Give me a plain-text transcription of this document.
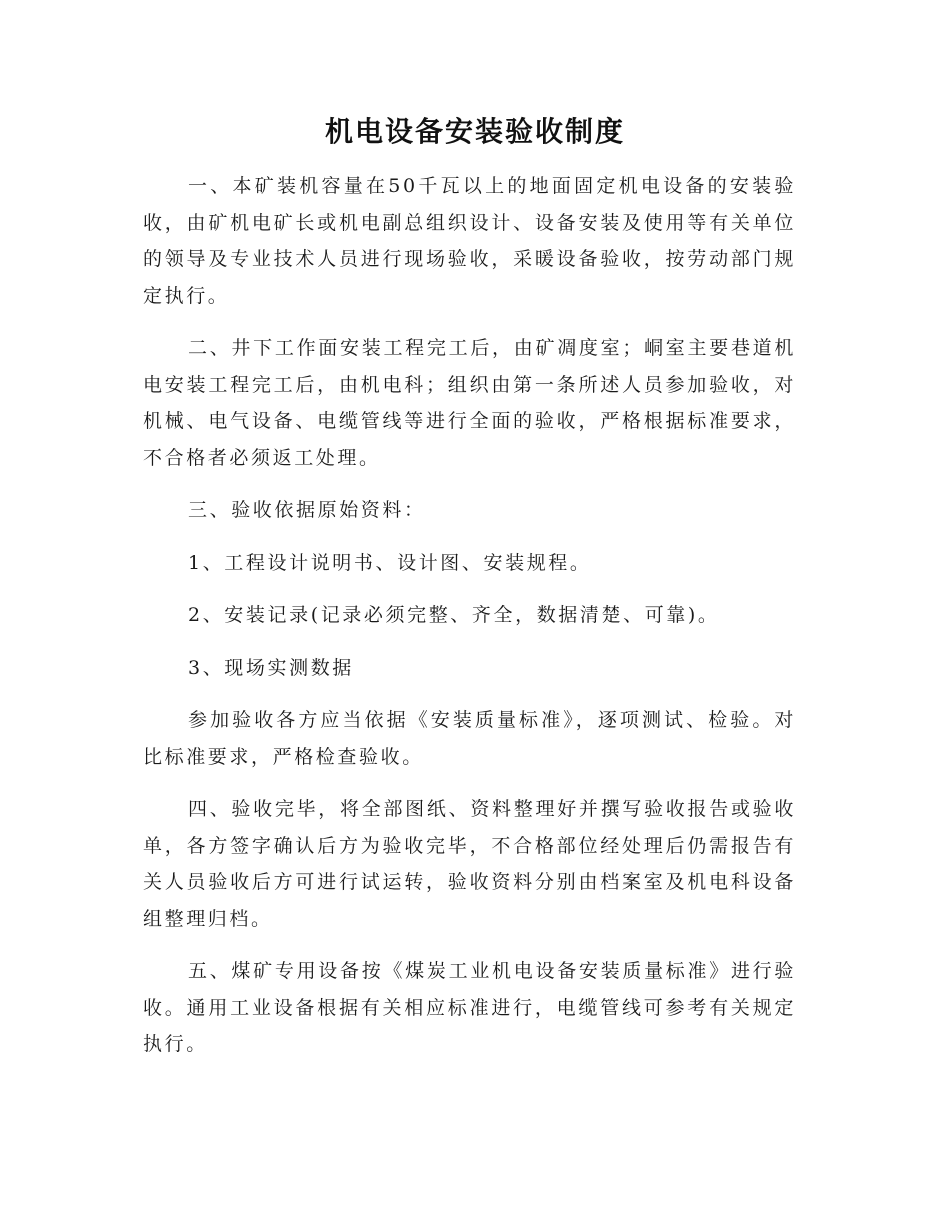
机电设备安装验收制度

一、本矿装机容量在50千瓦以上的地面固定机电设备的安装验收，由矿机电矿长或机电副总组织设计、设备安装及使用等有关单位的领导及专业技术人员进行现场验收，采暖设备验收，按劳动部门规定执行。

二、井下工作面安装工程完工后，由矿凋度室；峒室主要巷道机电安装工程完工后，由机电科；组织由第一条所述人员参加验收，对机械、电气设备、电缆管线等进行全面的验收，严格根据标准要求，不合格者必须返工处理。

三、验收依据原始资料：

1、工程设计说明书、设计图、安装规程。

2、安装记录(记录必须完整、齐全，数据清楚、可靠)。

3、现场实测数据

参加验收各方应当依据《安装质量标准》，逐项测试、检验。对比标准要求，严格检查验收。

四、验收完毕，将全部图纸、资料整理好并撰写验收报告或验收单，各方签字确认后方为验收完毕，不合格部位经处理后仍需报告有关人员验收后方可进行试运转，验收资料分别由档案室及机电科设备组整理归档。

五、煤矿专用设备按《煤炭工业机电设备安装质量标准》进行验收。通用工业设备根据有关相应标准进行，电缆管线可参考有关规定执行。
